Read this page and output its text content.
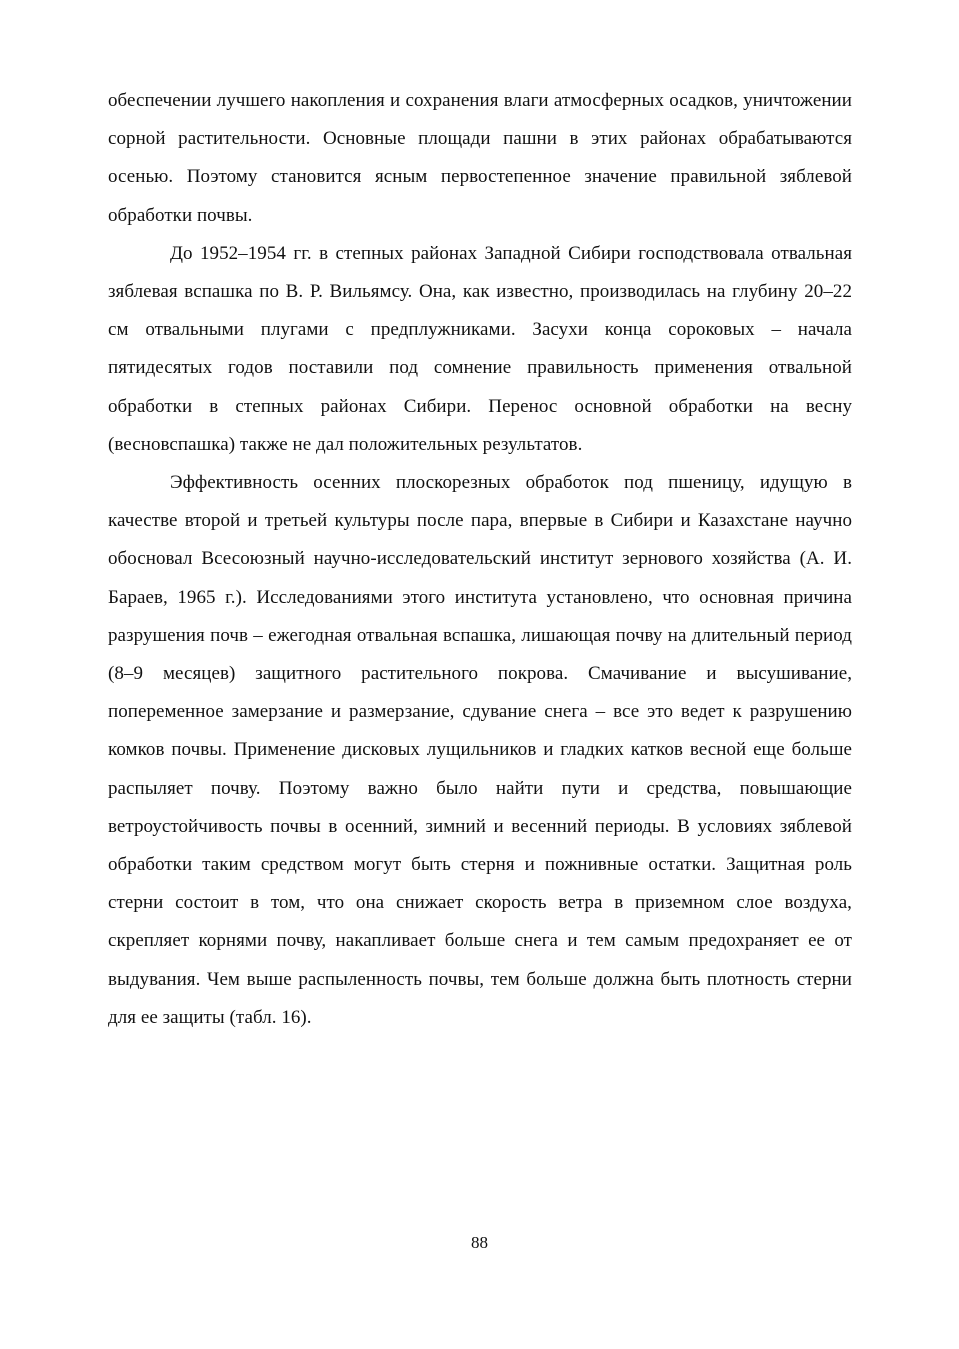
обеспечении лучшего накопления и сохранения влаги атмосферных осадков, уничтожении сорной растительности. Основные площади пашни в этих районах обрабатываются осенью. Поэтому становится ясным первостепенное значение правильной зяблевой обработки почвы.

До 1952–1954 гг. в степных районах Западной Сибири господствовала отвальная зяблевая вспашка по В. Р. Вильямсу. Она, как известно, производилась на глубину 20–22 см отвальными плугами с предплужниками. Засухи конца сороковых – начала пятидесятых годов поставили под сомнение правильность применения отвальной обработки в степных районах Сибири. Перенос основной обработки на весну (весновспашка) также не дал положительных результатов.

Эффективность осенних плоскорезных обработок под пшеницу, идущую в качестве второй и третьей культуры после пара, впервые в Сибири и Казахстане научно обосновал Всесоюзный научно-исследовательский институт зернового хозяйства (А. И. Бараев, 1965 г.). Исследованиями этого института установлено, что основная причина разрушения почв – ежегодная отвальная вспашка, лишающая почву на длительный период (8–9 месяцев) защитного растительного покрова. Смачивание и высушивание, попеременное замерзание и размерзание, сдувание снега – все это ведет к разрушению комков почвы. Применение дисковых лущильников и гладких катков весной еще больше распыляет почву. Поэтому важно было найти пути и средства, повышающие ветроустойчивость почвы в осенний, зимний и весенний периоды. В условиях зяблевой обработки таким средством могут быть стерня и пожнивные остатки. Защитная роль стерни состоит в том, что она снижает скорость ветра в приземном слое воздуха, скрепляет корнями почву, накапливает больше снега и тем самым предохраняет ее от выдувания. Чем выше распыленность почвы, тем больше должна быть плотность стерни для ее защиты (табл. 16).

88
